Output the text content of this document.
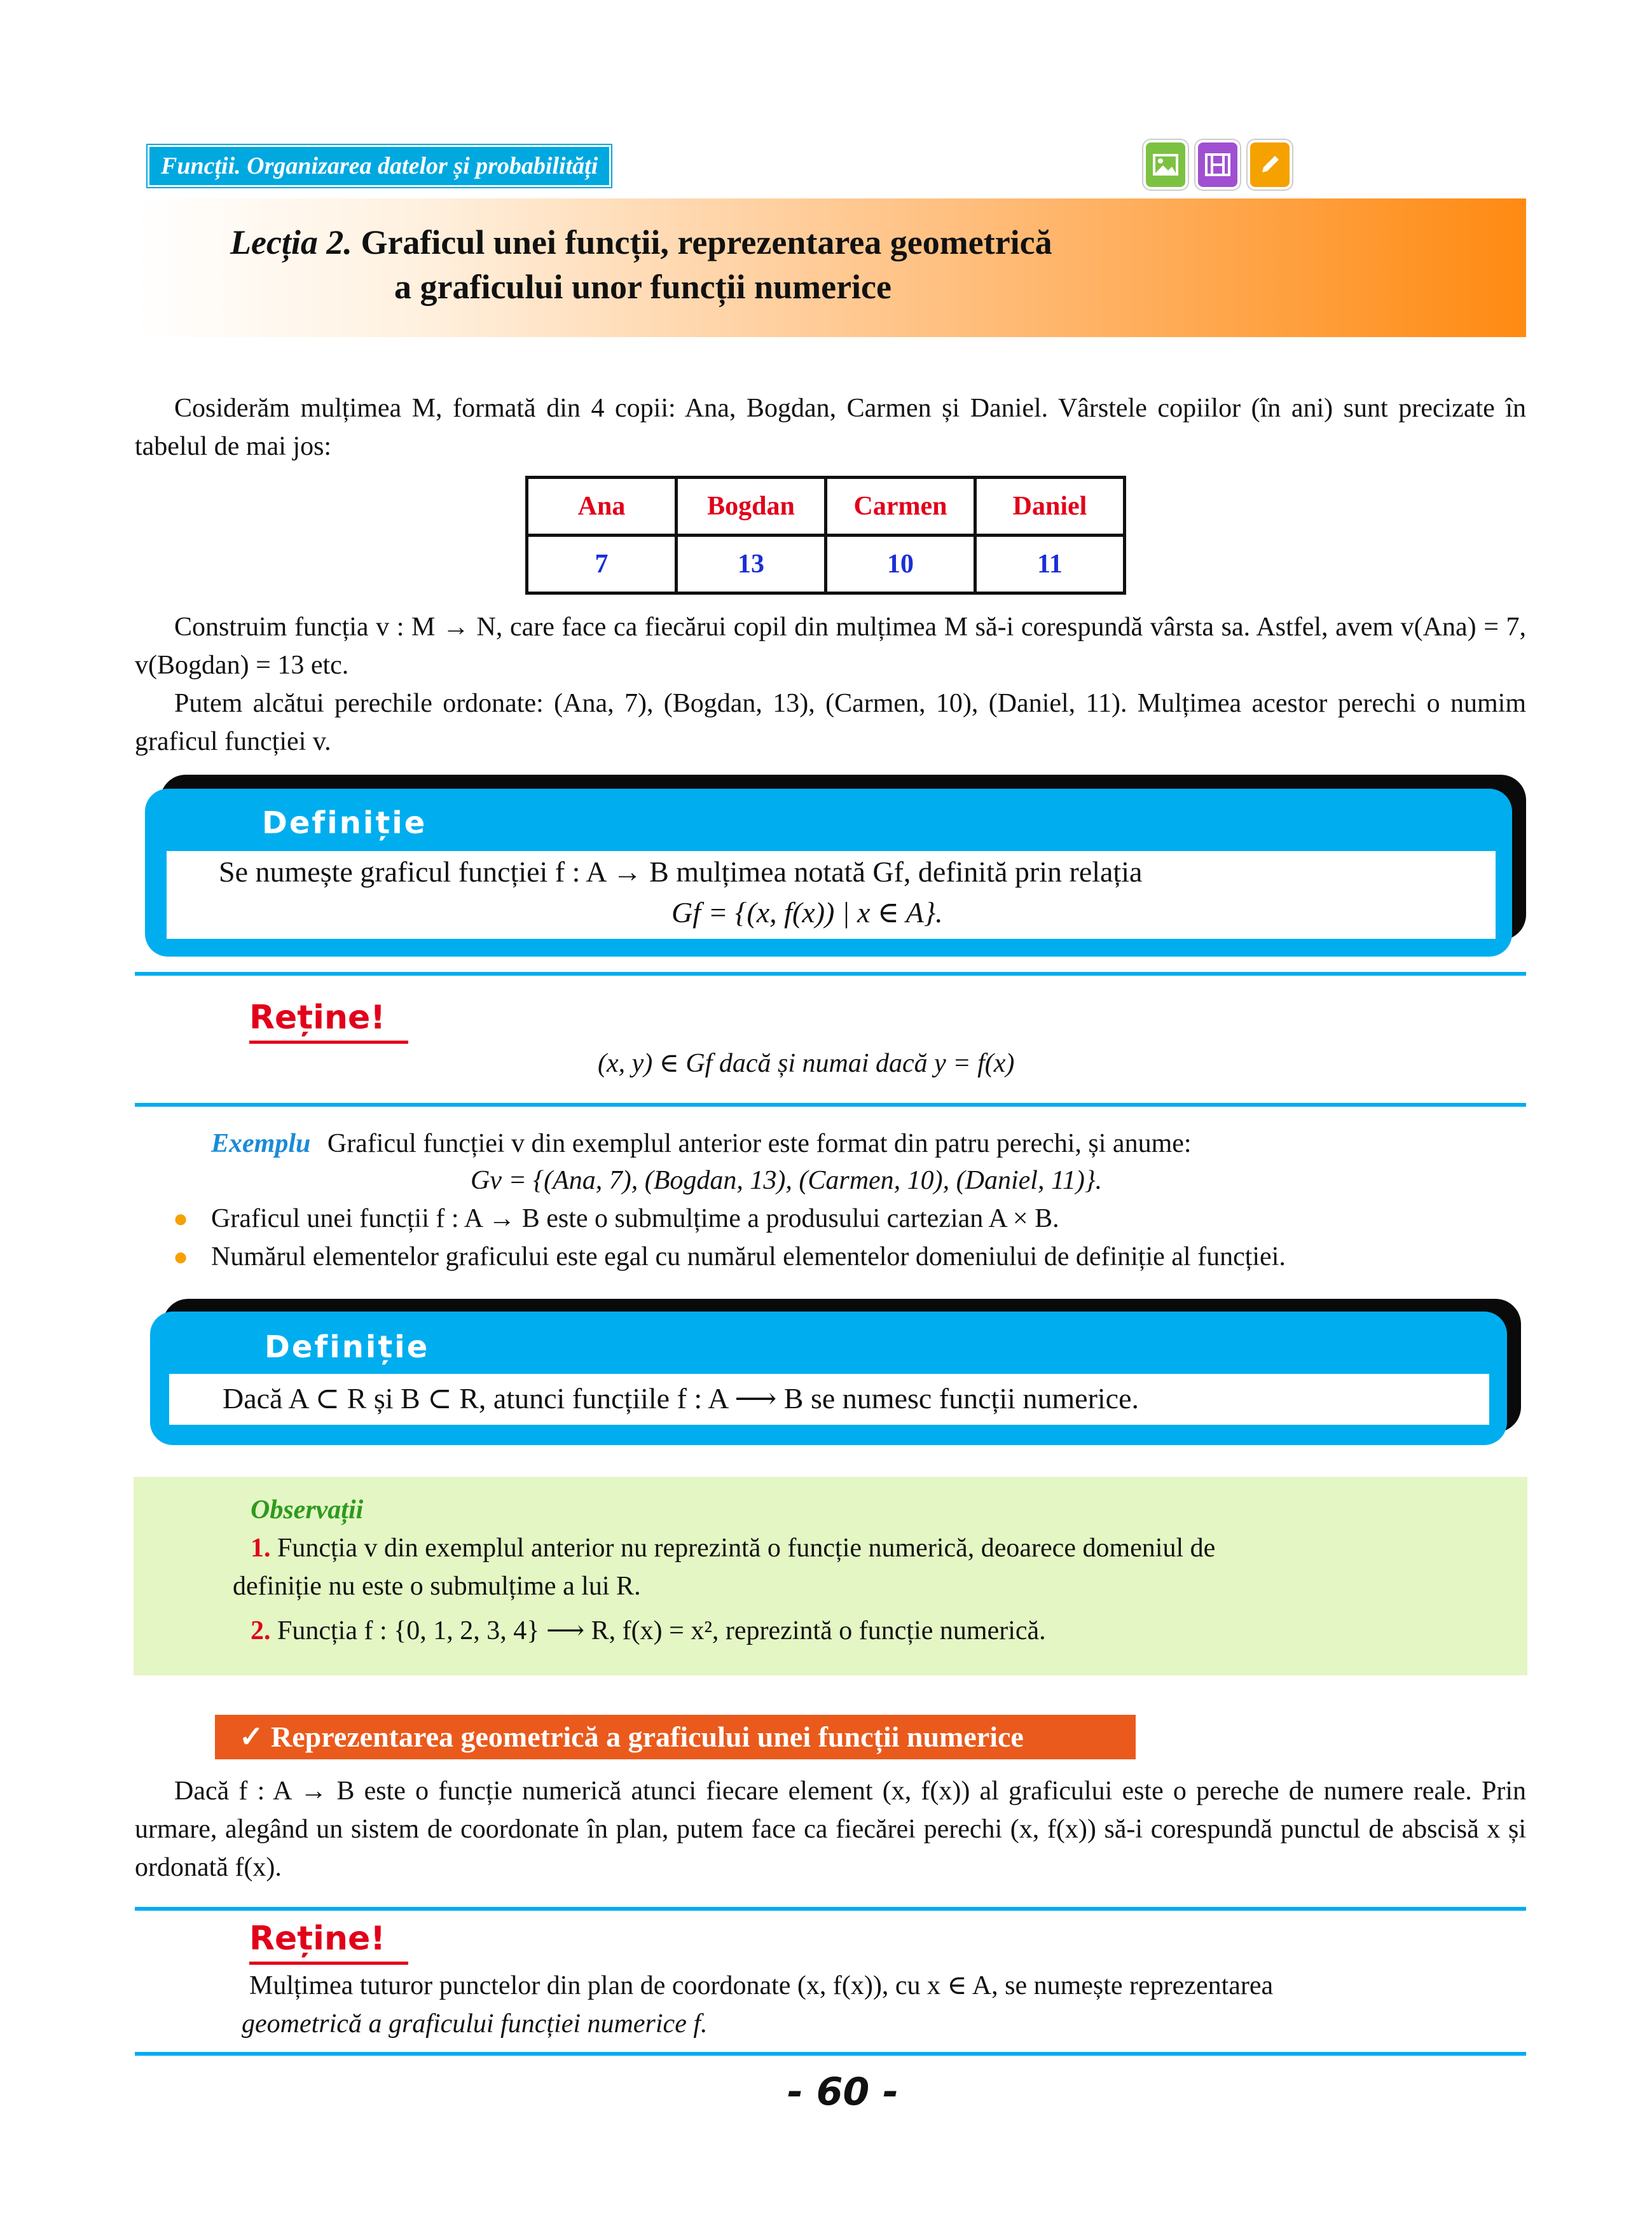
Funcții. Organizarea datelor și probabilități
Lecția 2. Graficul unei funcții, reprezentarea geometrică
a graficului unor funcții numerice
Cosiderăm mulțimea M, formată din 4 copii: Ana, Bogdan, Carmen și Daniel. Vârstele copiilor (în ani) sunt precizate în tabelul de mai jos:
Ana	Bogdan	Carmen	Daniel
7	13	10	11
Construim funcția v : M → N, care face ca fiecărui copil din mulțimea M să-i corespundă vârsta sa. Astfel, avem v(Ana) = 7, v(Bogdan) = 13 etc.
Putem alcătui perechile ordonate: (Ana, 7), (Bogdan, 13), (Carmen, 10), (Daniel, 11). Mulțimea acestor perechi o numim graficul funcției v.
Definiție
Se numește graficul funcției f : A → B mulțimea notată Gf, definită prin relația
Gf = {(x, f(x)) | x ∈ A}.
Reține!
(x, y) ∈ Gf dacă și numai dacă y = f(x)
Exemplu Graficul funcției v din exemplul anterior este format din patru perechi, și anume:
Gv = {(Ana, 7), (Bogdan, 13), (Carmen, 10), (Daniel, 11)}.
● Graficul unei funcții f : A → B este o submulțime a produsului cartezian A × B.
● Numărul elementelor graficului este egal cu numărul elementelor domeniului de definiție al funcției.
Definiție
Dacă A ⊂ R și B ⊂ R, atunci funcțiile f : A ⟶ B se numesc funcții numerice.
Observații
1. Funcția v din exemplul anterior nu reprezintă o funcție numerică, deoarece domeniul de
definiție nu este o submulțime a lui R.
2. Funcția f : {0, 1, 2, 3, 4} ⟶ R, f(x) = x², reprezintă o funcție numerică.
✓ Reprezentarea geometrică a graficului unei funcții numerice
Dacă f : A → B este o funcție numerică atunci fiecare element (x, f(x)) al graficului este o pereche de numere reale. Prin urmare, alegând un sistem de coordonate în plan, putem face ca fiecărei perechi (x, f(x)) să-i corespundă punctul de abscisă x și ordonată f(x).
Reține!
Mulțimea tuturor punctelor din plan de coordonate (x, f(x)), cu x ∈ A, se numește reprezentarea
geometrică a graficului funcției numerice f.
- 60 -
